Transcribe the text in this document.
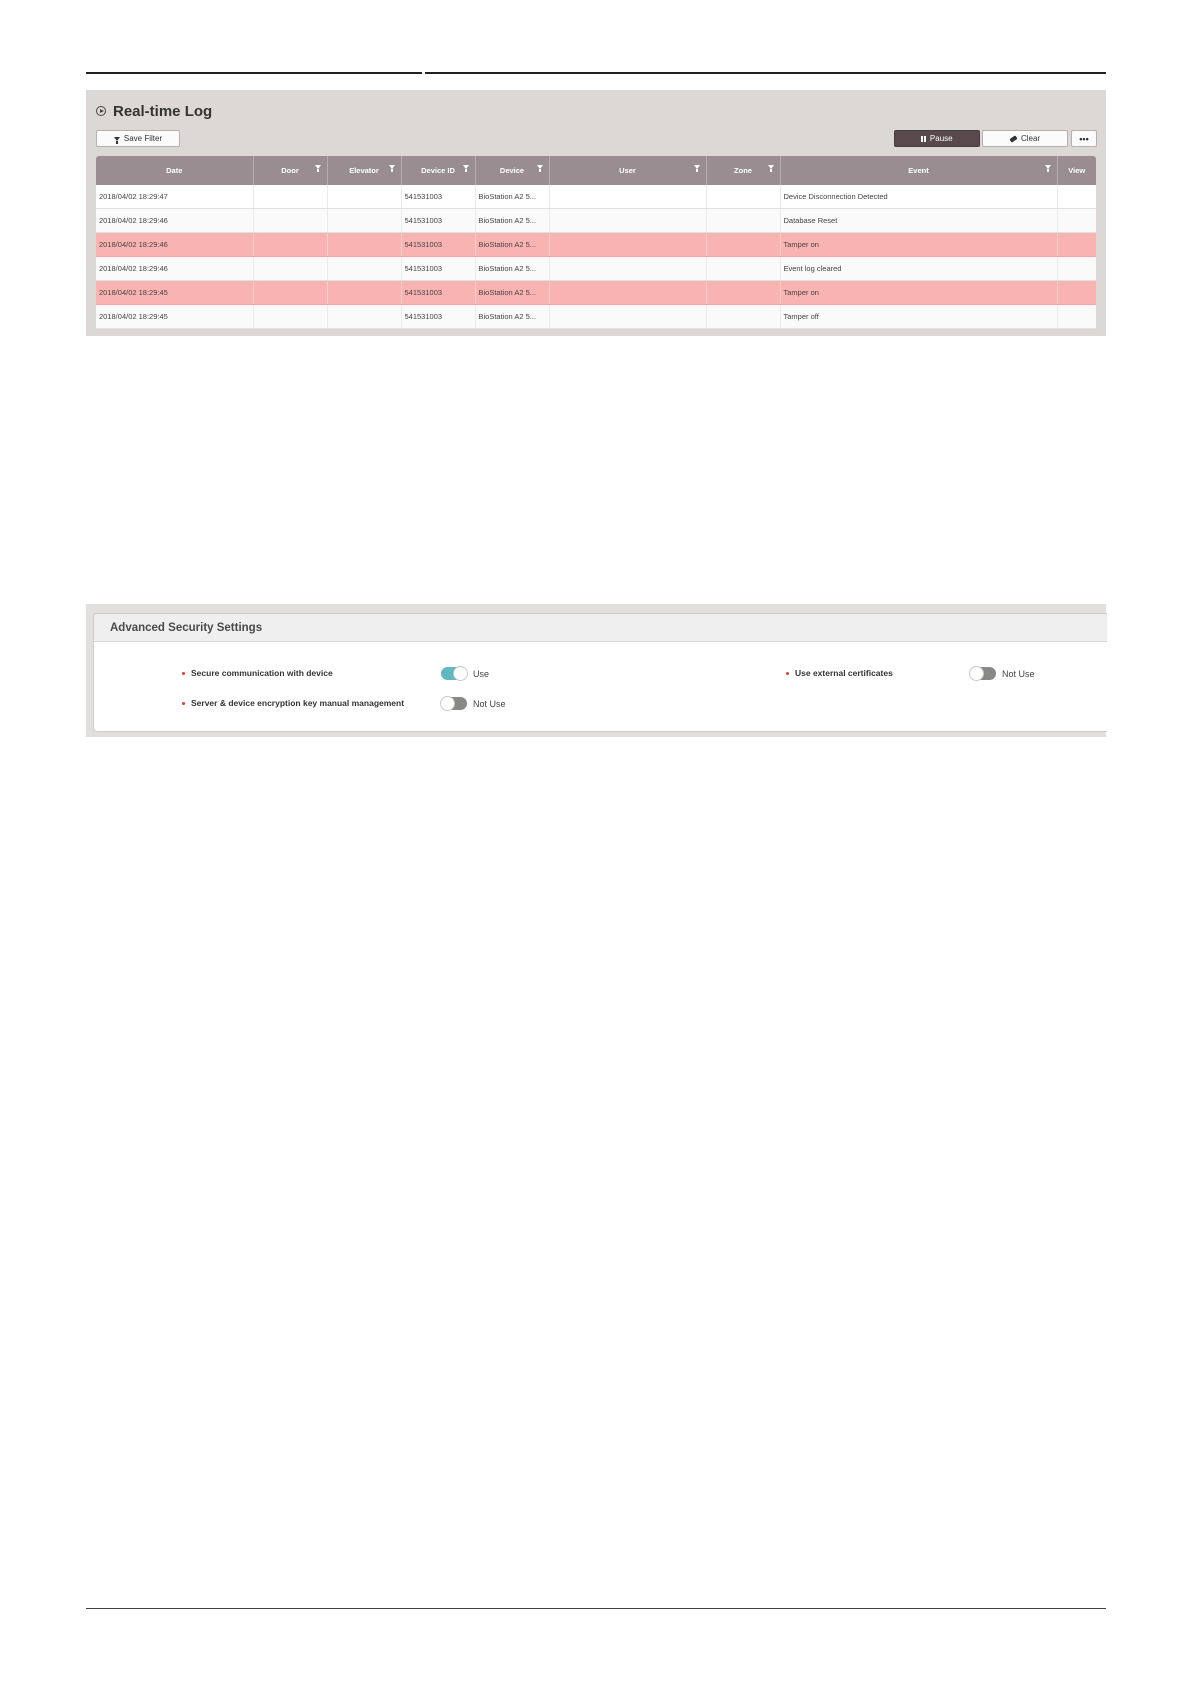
Real-time Log
Save Filter	Pause	Clear	•••
Date	Door	Elevator	Device ID	Device	User	Zone	Event	View
2018/04/02 18:29:47			541531003	BioStation A2 5...			Device Disconnection Detected	
2018/04/02 18:29:46			541531003	BioStation A2 5...			Database Reset	
2018/04/02 18:29:46			541531003	BioStation A2 5...			Tamper on	
2018/04/02 18:29:46			541531003	BioStation A2 5...			Event log cleared	
2018/04/02 18:29:45			541531003	BioStation A2 5...			Tamper on	
2018/04/02 18:29:45			541531003	BioStation A2 5...			Tamper off	
Advanced Security Settings
Secure communication with device	Use
Server & device encryption key manual management	Not Use
Use external certificates	Not Use
